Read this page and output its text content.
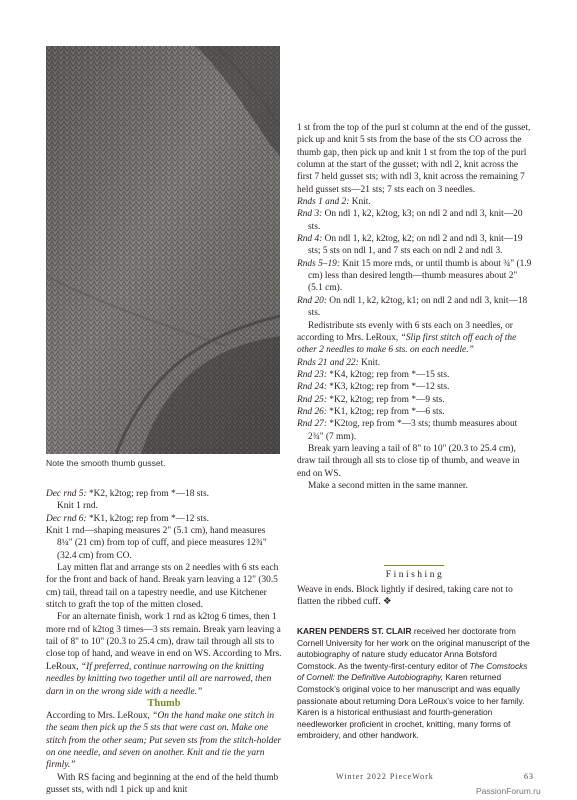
Note the smooth thumb gusset.

Dec rnd 5: *K2, k2tog; rep from *—18 sts.

Knit 1 rnd.

Dec rnd 6: *K1, k2tog; rep from *—12 sts.

Knit 1 rnd—shaping measures 2" (5.1 cm), hand measures 8¼" (21 cm) from top of cuff, and piece measures 12¾" (32.4 cm) from CO.

Lay mitten flat and arrange sts on 2 needles with 6 sts each for the front and back of hand. Break yarn leaving a 12" (30.5 cm) tail, thread tail on a tapestry needle, and use Kitchener stitch to graft the top of the mitten closed.

For an alternate finish, work 1 rnd as k2tog 6 times, then 1 more rnd of k2tog 3 times—3 sts remain. Break yarn leaving a tail of 8" to 10" (20.3 to 25.4 cm), draw tail through all sts to close top of hand, and weave in end on WS. According to Mrs. LeRoux, “If preferred, continue narrowing on the knitting needles by knitting two together until all are narrowed, then darn in on the wrong side with a needle.”

Thumb

According to Mrs. LeRoux, “On the hand make one stitch in the seam then pick up the 5 sts that were cast on. Make one stitch from the other seam; Put seven sts from the stitch-holder on one needle, and seven on another. Knit and tie the yarn firmly.”

With RS facing and beginning at the end of the held thumb gusset sts, with ndl 1 pick up and knit

1 st from the top of the purl st column at the end of the gusset, pick up and knit 5 sts from the base of the sts CO across the thumb gap, then pick up and knit 1 st from the top of the purl column at the start of the gusset; with ndl 2, knit across the first 7 held gusset sts; with ndl 3, knit across the remaining 7 held gusset sts—21 sts; 7 sts each on 3 needles.

Rnds 1 and 2: Knit.

Rnd 3: On ndl 1, k2, k2tog, k3; on ndl 2 and ndl 3, knit—20 sts.

Rnd 4: On ndl 1, k2, k2tog, k2; on ndl 2 and ndl 3, knit—19 sts; 5 sts on ndl 1, and 7 sts each on ndl 2 and ndl 3.

Rnds 5–19: Knit 15 more rnds, or until thumb is about ¾" (1.9 cm) less than desired length—thumb measures about 2" (5.1 cm).

Rnd 20: On ndl 1, k2, k2tog, k1; on ndl 2 and ndl 3, knit—18 sts.

Redistribute sts evenly with 6 sts each on 3 needles, or according to Mrs. LeRoux, “Slip first stitch off each of the other 2 needles to make 6 sts. on each needle.”

Rnds 21 and 22: Knit.

Rnd 23: *K4, k2tog; rep from *—15 sts.

Rnd 24: *K3, k2tog; rep from *—12 sts.

Rnd 25: *K2, k2tog; rep from *—9 sts.

Rnd 26: *K1, k2tog; rep from *—6 sts.

Rnd 27: *K2tog, rep from *—3 sts; thumb measures about 2¾" (7 mm).

Break yarn leaving a tail of 8" to 10" (20.3 to 25.4 cm), draw tail through all sts to close tip of thumb, and weave in end on WS.

Make a second mitten in the same manner.

Finishing

Weave in ends. Block lightly if desired, taking care not to flatten the ribbed cuff. ❖

KAREN PENDERS ST. CLAIR received her doctorate from Cornell University for her work on the original manuscript of the autobiography of nature study educator Anna Botsford Comstock. As the twenty-first-century editor of The Comstocks of Cornell: the Definitive Autobiography, Karen returned Comstock’s original voice to her manuscript and was equally passionate about returning Dora LeRoux’s voice to her family. Karen is a historical enthusiast and fourth-generation needleworker proficient in crochet, knitting, many forms of embroidery, and other handwork.
Winter 2022 PieceWork	63
PassionForum.ru
